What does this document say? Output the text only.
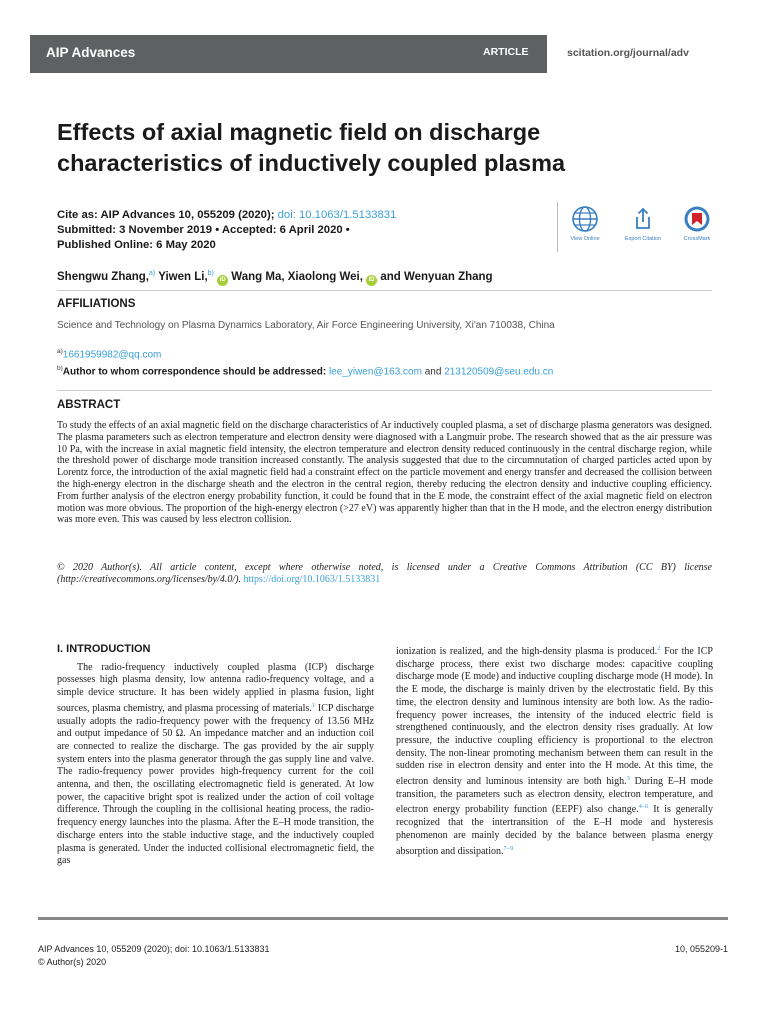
AIP Advances	ARTICLE	scitation.org/journal/adv
Effects of axial magnetic field on discharge characteristics of inductively coupled plasma
Cite as: AIP Advances 10, 055209 (2020); doi: 10.1063/1.5133831
Submitted: 3 November 2019 • Accepted: 6 April 2020 •
Published Online: 6 May 2020	View Online	Export Citation	CrossMark
Shengwu Zhang,$^{a)}$ Yiwen Li,$^{b)}$ iD Wang Ma, Xiaolong Wei, iD and Wenyuan Zhang
AFFILIATIONS
Science and Technology on Plasma Dynamics Laboratory, Air Force Engineering University, Xi'an 710038, China
$^{a)}$1661959982@qq.com
$^{b)}$Author to whom correspondence should be addressed: lee_yiwen@163.com and 213120509@seu.edu.cn
ABSTRACT
To study the effects of an axial magnetic field on the discharge characteristics of Ar inductively coupled plasma, a set of discharge plasma generators was designed. The plasma parameters such as electron temperature and electron density were diagnosed with a Langmuir probe. The research showed that as the air pressure was 10 Pa, with the increase in axial magnetic field intensity, the electron temperature and electron density reduced continuously in the central discharge region, while the threshold power of discharge mode transition increased constantly. The analysis suggested that due to the circumnutation of charged particles acted upon by Lorentz force, the introduction of the axial magnetic field had a constraint effect on the particle movement and energy transfer and decreased the collision between the high-energy electron in the discharge sheath and the electron in the central region, thereby reducing the electron density and inductive coupling efficiency. From further analysis of the electron energy probability function, it could be found that in the E mode, the constraint effect of the axial magnetic field on electron motion was more obvious. The proportion of the high-energy electron (>27 eV) was apparently higher than that in the H mode, and the electron energy distribution was more even. This was caused by less electron collision.
© 2020 Author(s). All article content, except where otherwise noted, is licensed under a Creative Commons Attribution (CC BY) license (http://creativecommons.org/licenses/by/4.0/). https://doi.org/10.1063/1.5133831

I. INTRODUCTION

The radio-frequency inductively coupled plasma (ICP) discharge possesses high plasma density, low antenna radio-frequency voltage, and a simple device structure. It has been widely applied in plasma fusion, light sources, plasma chemistry, and plasma processing of materials.$^1$ ICP discharge usually adopts the radio-frequency power with the frequency of 13.56 MHz and output impedance of 50 Ω. An impedance matcher and an induction coil are connected to realize the discharge. The gas provided by the air supply system enters into the plasma generator through the gas supply line and valve. The radio-frequency power provides high-frequency current for the coil antenna, and then, the oscillating electromagnetic field is generated. At low power, the capacitive bright spot is realized under the action of coil voltage difference. Through the coupling in the collisional heating process, the radio-frequency energy launches into the plasma. After the E–H mode transition, the discharge enters into the stable inductive stage, and the inductively coupled plasma is generated. Under the inducted collisional electromagnetic field, the gas

ionization is realized, and the high-density plasma is produced.$^2$ For the ICP discharge process, there exist two discharge modes: capacitive coupling discharge mode (E mode) and inductive coupling discharge mode (H mode). In the E mode, the discharge is mainly driven by the electrostatic field. By this time, the electron density and luminous intensity are both low. As the radio-frequency power increases, the intensity of the induced electric field is strengthened continuously, and the electron density rises gradually. At low pressure, the inductive coupling efficiency is proportional to the electron density. The non-linear promoting mechanism between them can result in the sudden rise in electron density and enter into the H mode. At this time, the electron density and luminous intensity are both high.$^3$ During E–H mode transition, the parameters such as electron density, electron temperature, and electron energy probability function (EEPF) also change.$^{4-6}$ It is generally recognized that the intertransition of the E–H mode and hysteresis phenomenon are mainly decided by the balance between plasma energy absorption and dissipation.$^{7-9}$

AIP Advances 10, 055209 (2020); doi: 10.1063/1.5133831
© Author(s) 2020
10, 055209-1
